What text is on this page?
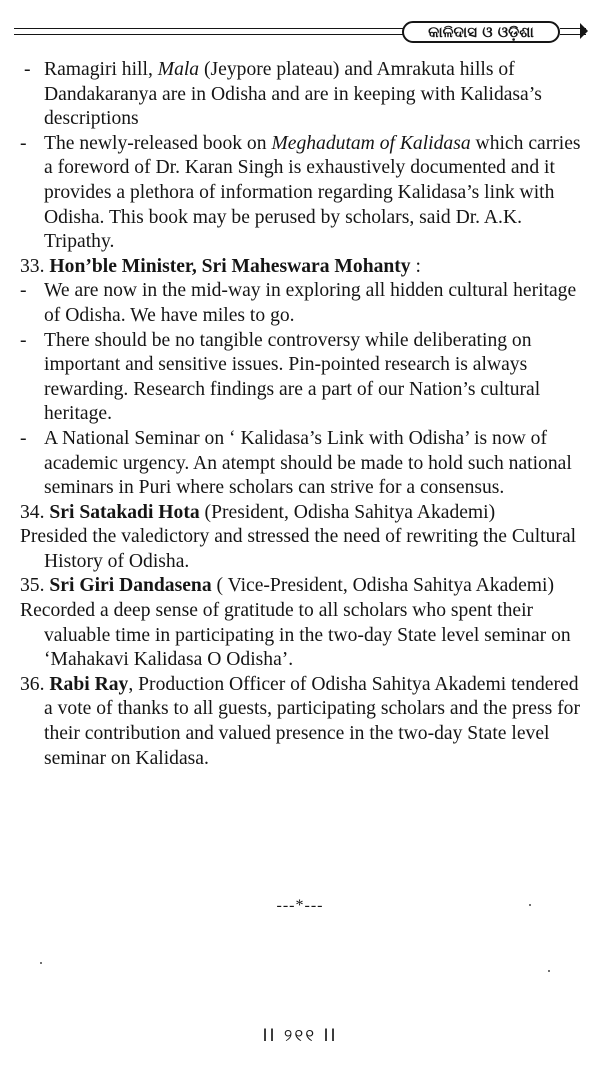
କାଳିଦାସ ଓ ଓଡ଼ିଶା

- Ramagiri hill, Mala (Jeypore plateau) and Amrakuta hills of Dandakaranya are in Odisha and are in keeping with Kalidasa’s descriptions

- The newly-released book on Meghadutam of Kalidasa which carries a foreword of Dr. Karan Singh is exhaustively documented and it provides a plethora of information regarding Kalidasa’s link with Odisha. This book may be perused by scholars, said Dr. A.K. Tripathy.

33. Hon’ble Minister, Sri Maheswara Mohanty :

- We are now in the mid-way in exploring all hidden cultural heritage of Odisha. We have miles to go.

- There should be no tangible controversy while deliberating on important and sensitive issues. Pin-pointed research is always rewarding. Research findings are a part of our Nation’s cultural heritage.

- A National Seminar on ‘ Kalidasa’s Link with Odisha’ is now of academic urgency. An atempt should be made to hold such national seminars in Puri where scholars can strive for a consensus.

34. Sri Satakadi Hota (President, Odisha Sahitya Akademi)

Presided the valedictory and stressed the need of rewriting the Cultural History of Odisha.

35. Sri Giri Dandasena ( Vice-President, Odisha Sahitya Akademi)

Recorded a deep sense of gratitude to all scholars who spent their valuable time in participating in the two-day State level seminar on ‘Mahakavi Kalidasa O Odisha’.

36. Rabi Ray, Production Officer of Odisha Sahitya Akademi tendered a vote of thanks to all guests, participating scholars and the press for their contribution and valued presence in the two-day State level seminar on Kalidasa.

---*---
II ୨୧୧ II
